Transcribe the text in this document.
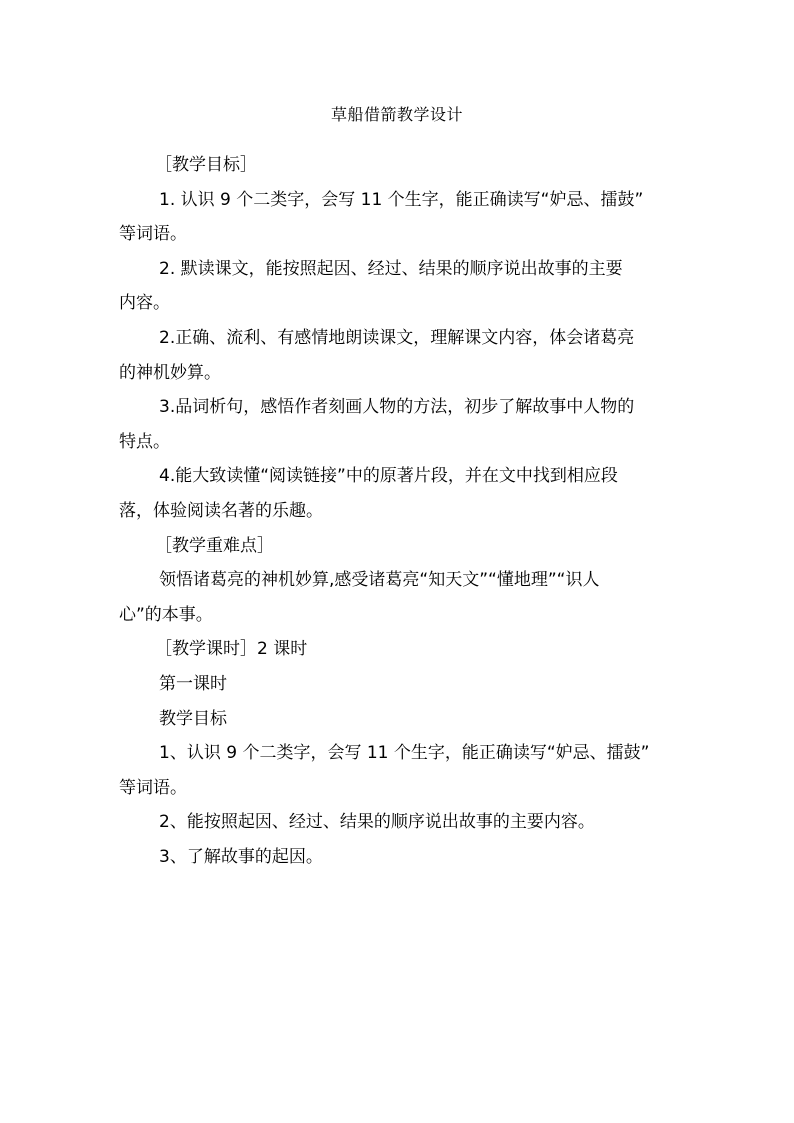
草船借箭教学设计

［教学目标］

1. 认识 9 个二类字，会写 11 个生字，能正确读写“妒忌、擂鼓”

等词语。

2. 默读课文，能按照起因、经过、结果的顺序说出故事的主要

内容。

2.正确、流利、有感情地朗读课文，理解课文内容，体会诸葛亮

的神机妙算。

3.品词析句，感悟作者刻画人物的方法，初步了解故事中人物的

特点。

4.能大致读懂“阅读链接”中的原著片段，并在文中找到相应段

落，体验阅读名著的乐趣。

［教学重难点］

领悟诸葛亮的神机妙算,感受诸葛亮“知天文”“懂地理”“识人

心”的本事。

［教学课时］2 课时

第一课时

教学目标

1、认识 9 个二类字，会写 11 个生字，能正确读写“妒忌、擂鼓”

等词语。

2、能按照起因、经过、结果的顺序说出故事的主要内容。

3、了解故事的起因。
